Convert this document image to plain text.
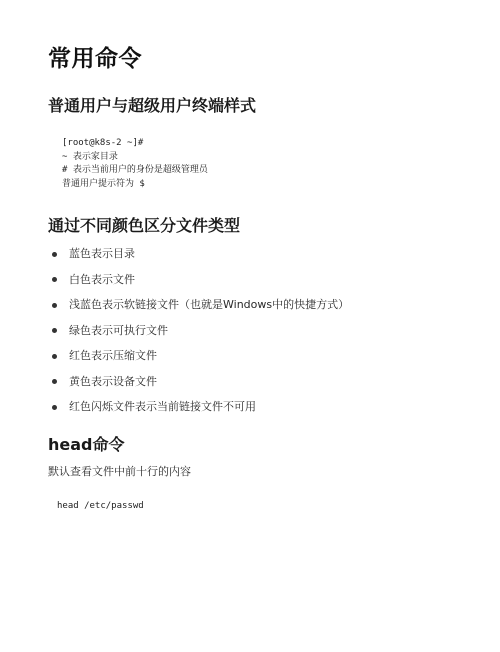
常用命令
普通用户与超级用户终端样式
[root@k8s-2 ~]#
~ 表示家目录
# 表示当前用户的身份是超级管理员
普通用户提示符为 $
通过不同颜色区分文件类型
蓝色表示目录
白色表示文件
浅蓝色表示软链接文件（也就是Windows中的快捷方式）
绿色表示可执行文件
红色表示压缩文件
黄色表示设备文件
红色闪烁文件表示当前链接文件不可用
head命令

默认查看文件中前十行的内容

head /etc/passwd
